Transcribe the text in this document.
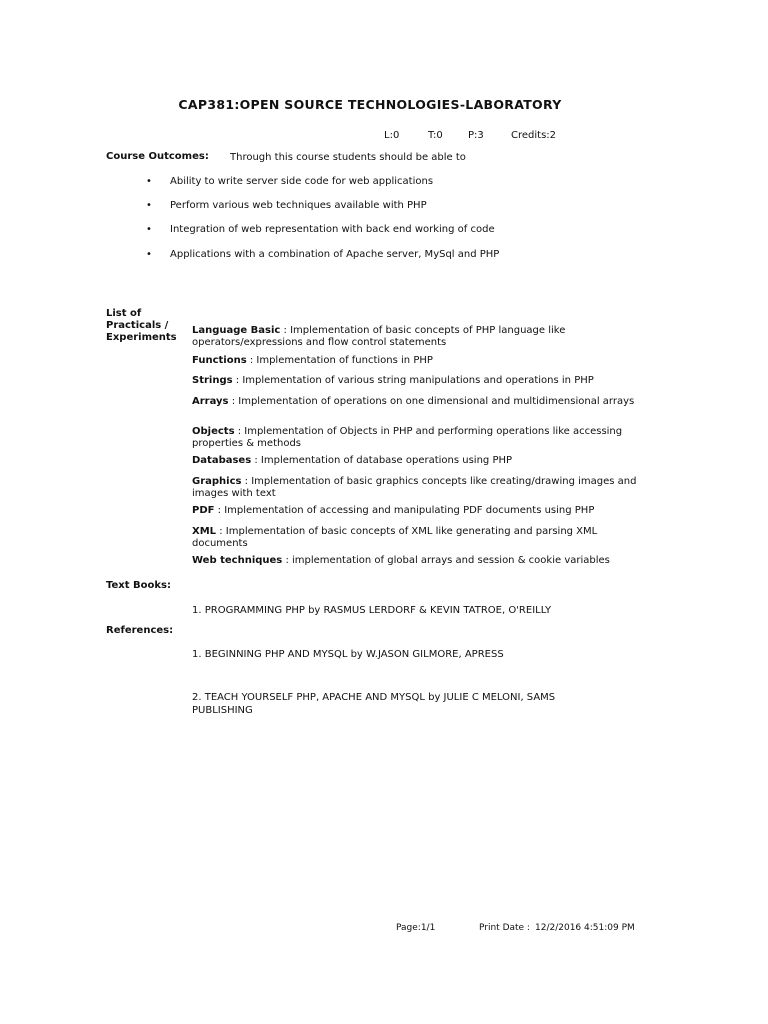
CAP381:OPEN SOURCE TECHNOLOGIES-LABORATORY
L:0	T:0	P:3	Credits:2
Course Outcomes: Through this course students should be able to
• Ability to write server side code for web applications
• Perform various web techniques available with PHP
• Integration of web representation with back end working of code
• Applications with a combination of Apache server, MySql and PHP
List of
Practicals /
Experiments
Language Basic : Implementation of basic concepts of PHP language like operators/expressions and flow control statements
Functions : Implementation of functions in PHP
Strings : Implementation of various string manipulations and operations in PHP
Arrays : Implementation of operations on one dimensional and multidimensional arrays
Objects : Implementation of Objects in PHP and performing operations like accessing properties & methods
Databases : Implementation of database operations using PHP
Graphics : Implementation of basic graphics concepts like creating/drawing images and images with text
PDF : Implementation of accessing and manipulating PDF documents using PHP
XML : Implementation of basic concepts of XML like generating and parsing XML documents
Web techniques : implementation of global arrays and session & cookie variables
Text Books:
1. PROGRAMMING PHP by RASMUS LERDORF & KEVIN TATROE, O'REILLY
References:
1. BEGINNING PHP AND MYSQL by W.JASON GILMORE, APRESS
2. TEACH YOURSELF PHP, APACHE AND MYSQL by JULIE C MELONI, SAMS PUBLISHING
Page:1/1	Print Date : 12/2/2016 4:51:09 PM
